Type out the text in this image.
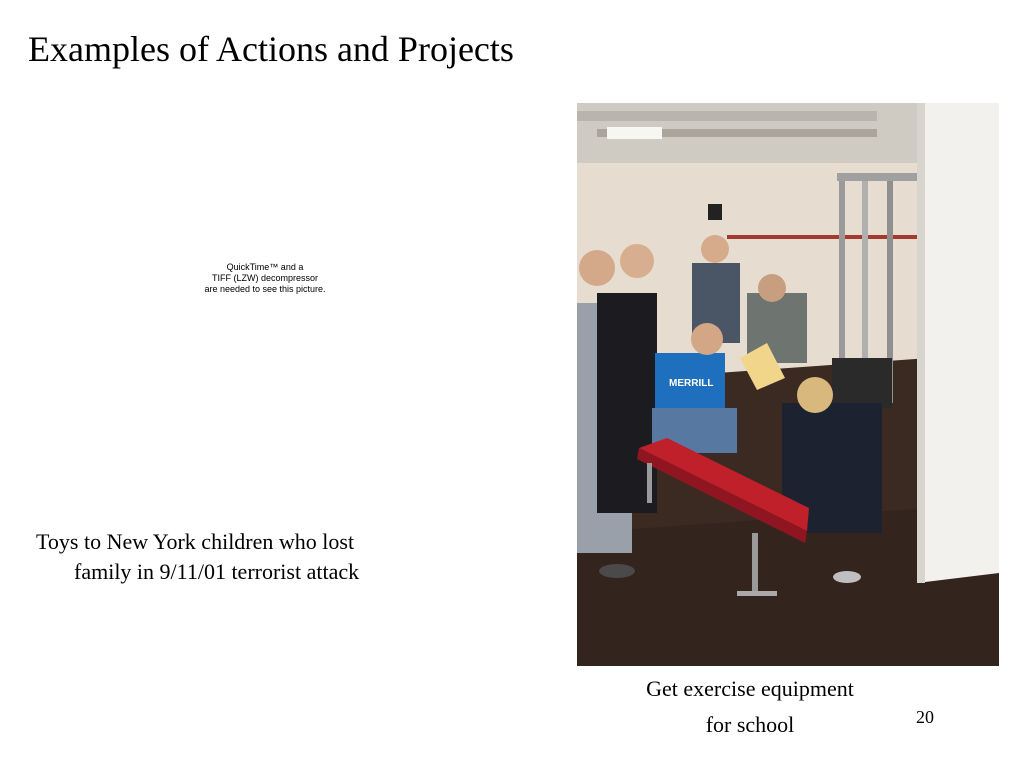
Examples of Actions and Projects
QuickTime™ and a
TIFF (LZW) decompressor
are needed to see this picture.
Toys to New York children who lost
family in 9/11/01 terrorist attack
MERRILL
Get exercise equipment
for school	20
